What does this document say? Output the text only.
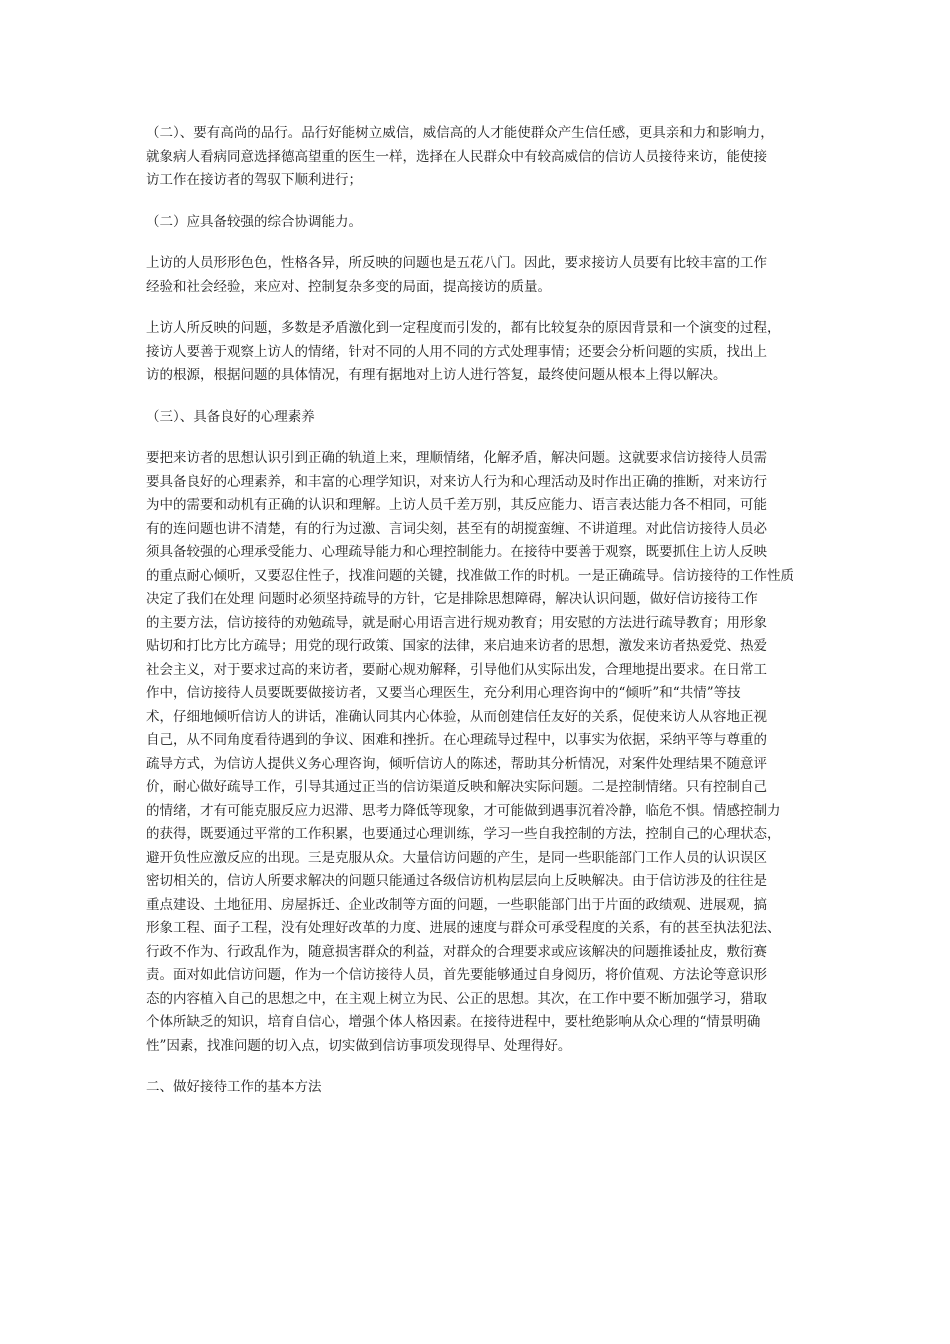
（二）、要有高尚的品行。品行好能树立威信，威信高的人才能使群众产生信任感，更具亲和力和影响力，
就象病人看病同意选择德高望重的医生一样，选择在人民群众中有较高威信的信访人员接待来访，能使接
访工作在接访者的驾驭下顺利进行；
（二）应具备较强的综合协调能力。
上访的人员形形色色，性格各异，所反映的问题也是五花八门。因此，要求接访人员要有比较丰富的工作
经验和社会经验，来应对、控制复杂多变的局面，提高接访的质量。
上访人所反映的问题，多数是矛盾激化到一定程度而引发的，都有比较复杂的原因背景和一个演变的过程，
接访人要善于观察上访人的情绪，针对不同的人用不同的方式处理事情；还要会分析问题的实质，找出上
访的根源，根据问题的具体情况，有理有据地对上访人进行答复，最终使问题从根本上得以解决。
（三）、具备良好的心理素养
要把来访者的思想认识引到正确的轨道上来，理顺情绪，化解矛盾，解决问题。这就要求信访接待人员需
要具备良好的心理素养，和丰富的心理学知识，对来访人行为和心理活动及时作出正确的推断，对来访行
为中的需要和动机有正确的认识和理解。上访人员千差万别，其反应能力、语言表达能力各不相同，可能
有的连问题也讲不清楚，有的行为过激、言词尖刻，甚至有的胡搅蛮缠、不讲道理。对此信访接待人员必
须具备较强的心理承受能力、心理疏导能力和心理控制能力。在接待中要善于观察，既要抓住上访人反映
的重点耐心倾听，又要忍住性子，找准问题的关键，找准做工作的时机。一是正确疏导。信访接待的工作性质
决定了我们在处理 问题时必须坚持疏导的方针，它是排除思想障碍，解决认识问题，做好信访接待工作
的主要方法，信访接待的劝勉疏导，就是耐心用语言进行规劝教育；用安慰的方法进行疏导教育；用形象
贴切和打比方比方疏导；用党的现行政策、国家的法律，来启迪来访者的思想，激发来访者热爱党、热爱
社会主义，对于要求过高的来访者，要耐心规劝解释，引导他们从实际出发，合理地提出要求。在日常工
作中，信访接待人员要既要做接访者，又要当心理医生，充分利用心理咨询中的“倾听”和“共情”等技
术，仔细地倾听信访人的讲话，准确认同其内心体验，从而创建信任友好的关系，促使来访人从容地正视
自己，从不同角度看待遇到的争议、困难和挫折。在心理疏导过程中，以事实为依据，采纳平等与尊重的
疏导方式，为信访人提供义务心理咨询，倾听信访人的陈述，帮助其分析情况，对案件处理结果不随意评
价，耐心做好疏导工作，引导其通过正当的信访渠道反映和解决实际问题。二是控制情绪。只有控制自己
的情绪，才有可能克服反应力迟滞、思考力降低等现象，才可能做到遇事沉着冷静，临危不惧。情感控制力
的获得，既要通过平常的工作积累，也要通过心理训练，学习一些自我控制的方法，控制自己的心理状态，
避开负性应激反应的出现。三是克服从众。大量信访问题的产生，是同一些职能部门工作人员的认识误区
密切相关的，信访人所要求解决的问题只能通过各级信访机构层层向上反映解决。由于信访涉及的往往是
重点建设、土地征用、房屋拆迁、企业改制等方面的问题，一些职能部门出于片面的政绩观、进展观，搞
形象工程、面子工程，没有处理好改革的力度、进展的速度与群众可承受程度的关系，有的甚至执法犯法、
行政不作为、行政乱作为，随意损害群众的利益，对群众的合理要求或应该解决的问题推诿扯皮，敷衍赛
责。面对如此信访问题，作为一个信访接待人员，首先要能够通过自身阅历，将价值观、方法论等意识形
态的内容植入自己的思想之中，在主观上树立为民、公正的思想。其次，在工作中要不断加强学习，猎取
个体所缺乏的知识，培育自信心，增强个体人格因素。在接待进程中，要杜绝影响从众心理的“情景明确
性”因素，找准问题的切入点，切实做到信访事项发现得早、处理得好。
二、做好接待工作的基本方法
